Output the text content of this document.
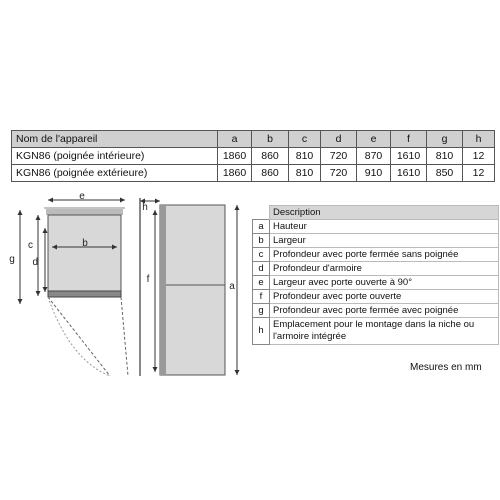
Nom de l'appareil	a	b	c	d	e	f	g	h
KGN86 (poignée intérieure)	1860	860	810	720	870	1610	810	12
KGN86 (poignée extérieure)	1860	860	810	720	910	1610	850	12
e
b
c
d
g
h
f
a
	Description
a	Hauteur
b	Largeur
c	Profondeur avec porte fermée sans poignée
d	Profondeur d'armoire
e	Largeur avec porte ouverte à 90°
f	Profondeur avec porte ouverte
g	Profondeur avec porte fermée avec poignée
h	Emplacement pour le montage dans la niche ou l'armoire intégrée
Mesures en mm
